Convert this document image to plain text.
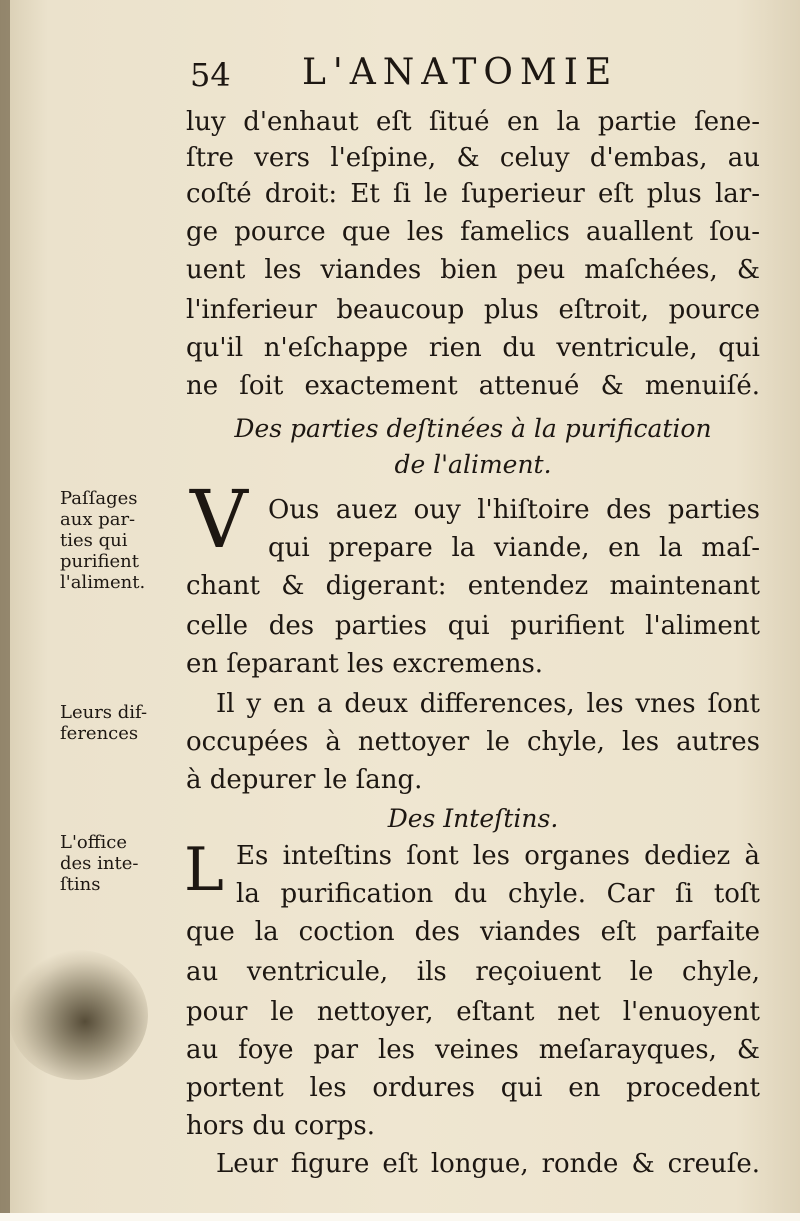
54 L'ANATOMIE
luy d'enhaut eſt ſitué en la partie ſene-
ſtre vers l'eſpine, & celuy d'embas, au
coſté droit: Et ſi le ſuperieur eſt plus lar-
ge pource que les famelics auallent ſou-
uent les viandes bien peu maſchées, &
l'inferieur beaucoup plus eſtroit, pource
qu'il n'eſchappe rien du ventricule, qui
ne ſoit exactement attenué & menuiſé.
Des parties deſtinées à la purification
de l'aliment.
V Ous auez ouy l'hiſtoire des parties
qui prepare la viande, en la maſ-
chant & digerant: entendez maintenant
celle des parties qui purifient l'aliment
en ſeparant les excremens.
Il y en a deux differences, les vnes ſont
occupées à nettoyer le chyle, les autres
à depurer le ſang.
Des Inteſtins.
L Es inteſtins ſont les organes dediez à
la purification du chyle. Car ſi toſt
que la coction des viandes eſt parfaite
au ventricule, ils reçoiuent le chyle,
pour le nettoyer, eſtant net l'enuoyent
au foye par les veines meſarayques, &
portent les ordures qui en procedent
hors du corps.
Leur figure eſt longue, ronde & creuſe.
Paſſages
aux par-
ties qui
purifient
l'aliment.
Leurs dif-
ferences
L'office
des inte-
ſtins
